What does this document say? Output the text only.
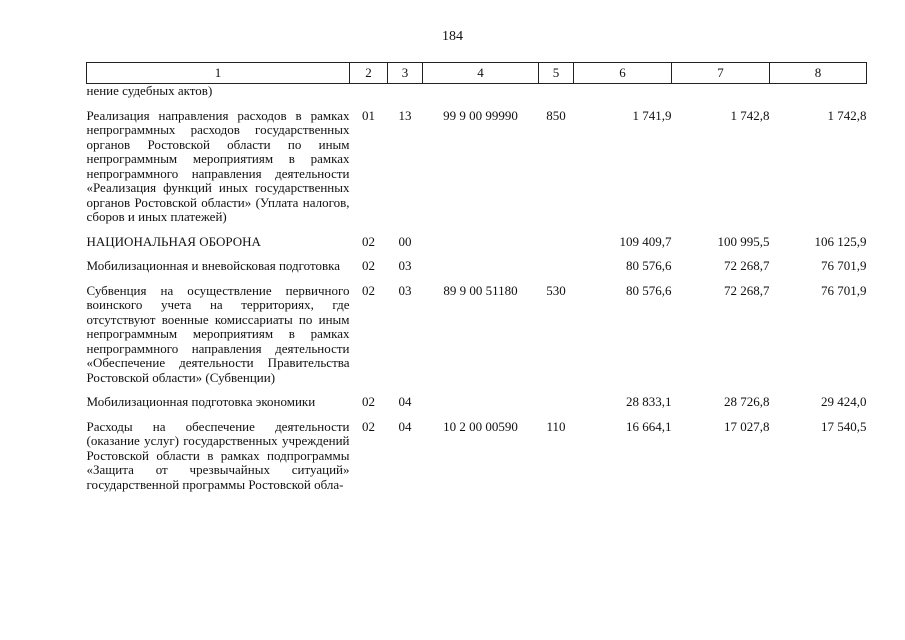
184
1	2	3	4	5	6	7	8
нение судебных актов)							

Реализация направления расходов в рамках непрограммных расходов государственных органов Ростовской области по иным непрограммным мероприятиям в рамках непрограммного направления деятельности «Реализация функций иных государственных органов Ростовской области» (Уплата налогов, сборов и иных платежей)	01	13	99 9 00 99990	850	1 741,9	1 742,8	1 742,8

НАЦИОНАЛЬНАЯ ОБОРОНА	02	00			109 409,7	100 995,5	106 125,9

Мобилизационная и вневойсковая подготовка	02	03			80 576,6	72 268,7	76 701,9

Субвенция на осуществление первичного воинского учета на территориях, где отсутствуют военные комиссариаты по иным непрограммным мероприятиям в рамках непрограммного направления деятельности «Обеспечение деятельности Правительства Ростовской области» (Субвенции)	02	03	89 9 00 51180	530	80 576,6	72 268,7	76 701,9

Мобилизационная подготовка экономики	02	04			28 833,1	28 726,8	29 424,0

Расходы на обеспечение деятельности (оказание услуг) государственных учреждений Ростовской области в рамках подпрограммы «Защита от чрезвычайных ситуаций» государственной программы Ростовской обла-	02	04	10 2 00 00590	110	16 664,1	17 027,8	17 540,5
